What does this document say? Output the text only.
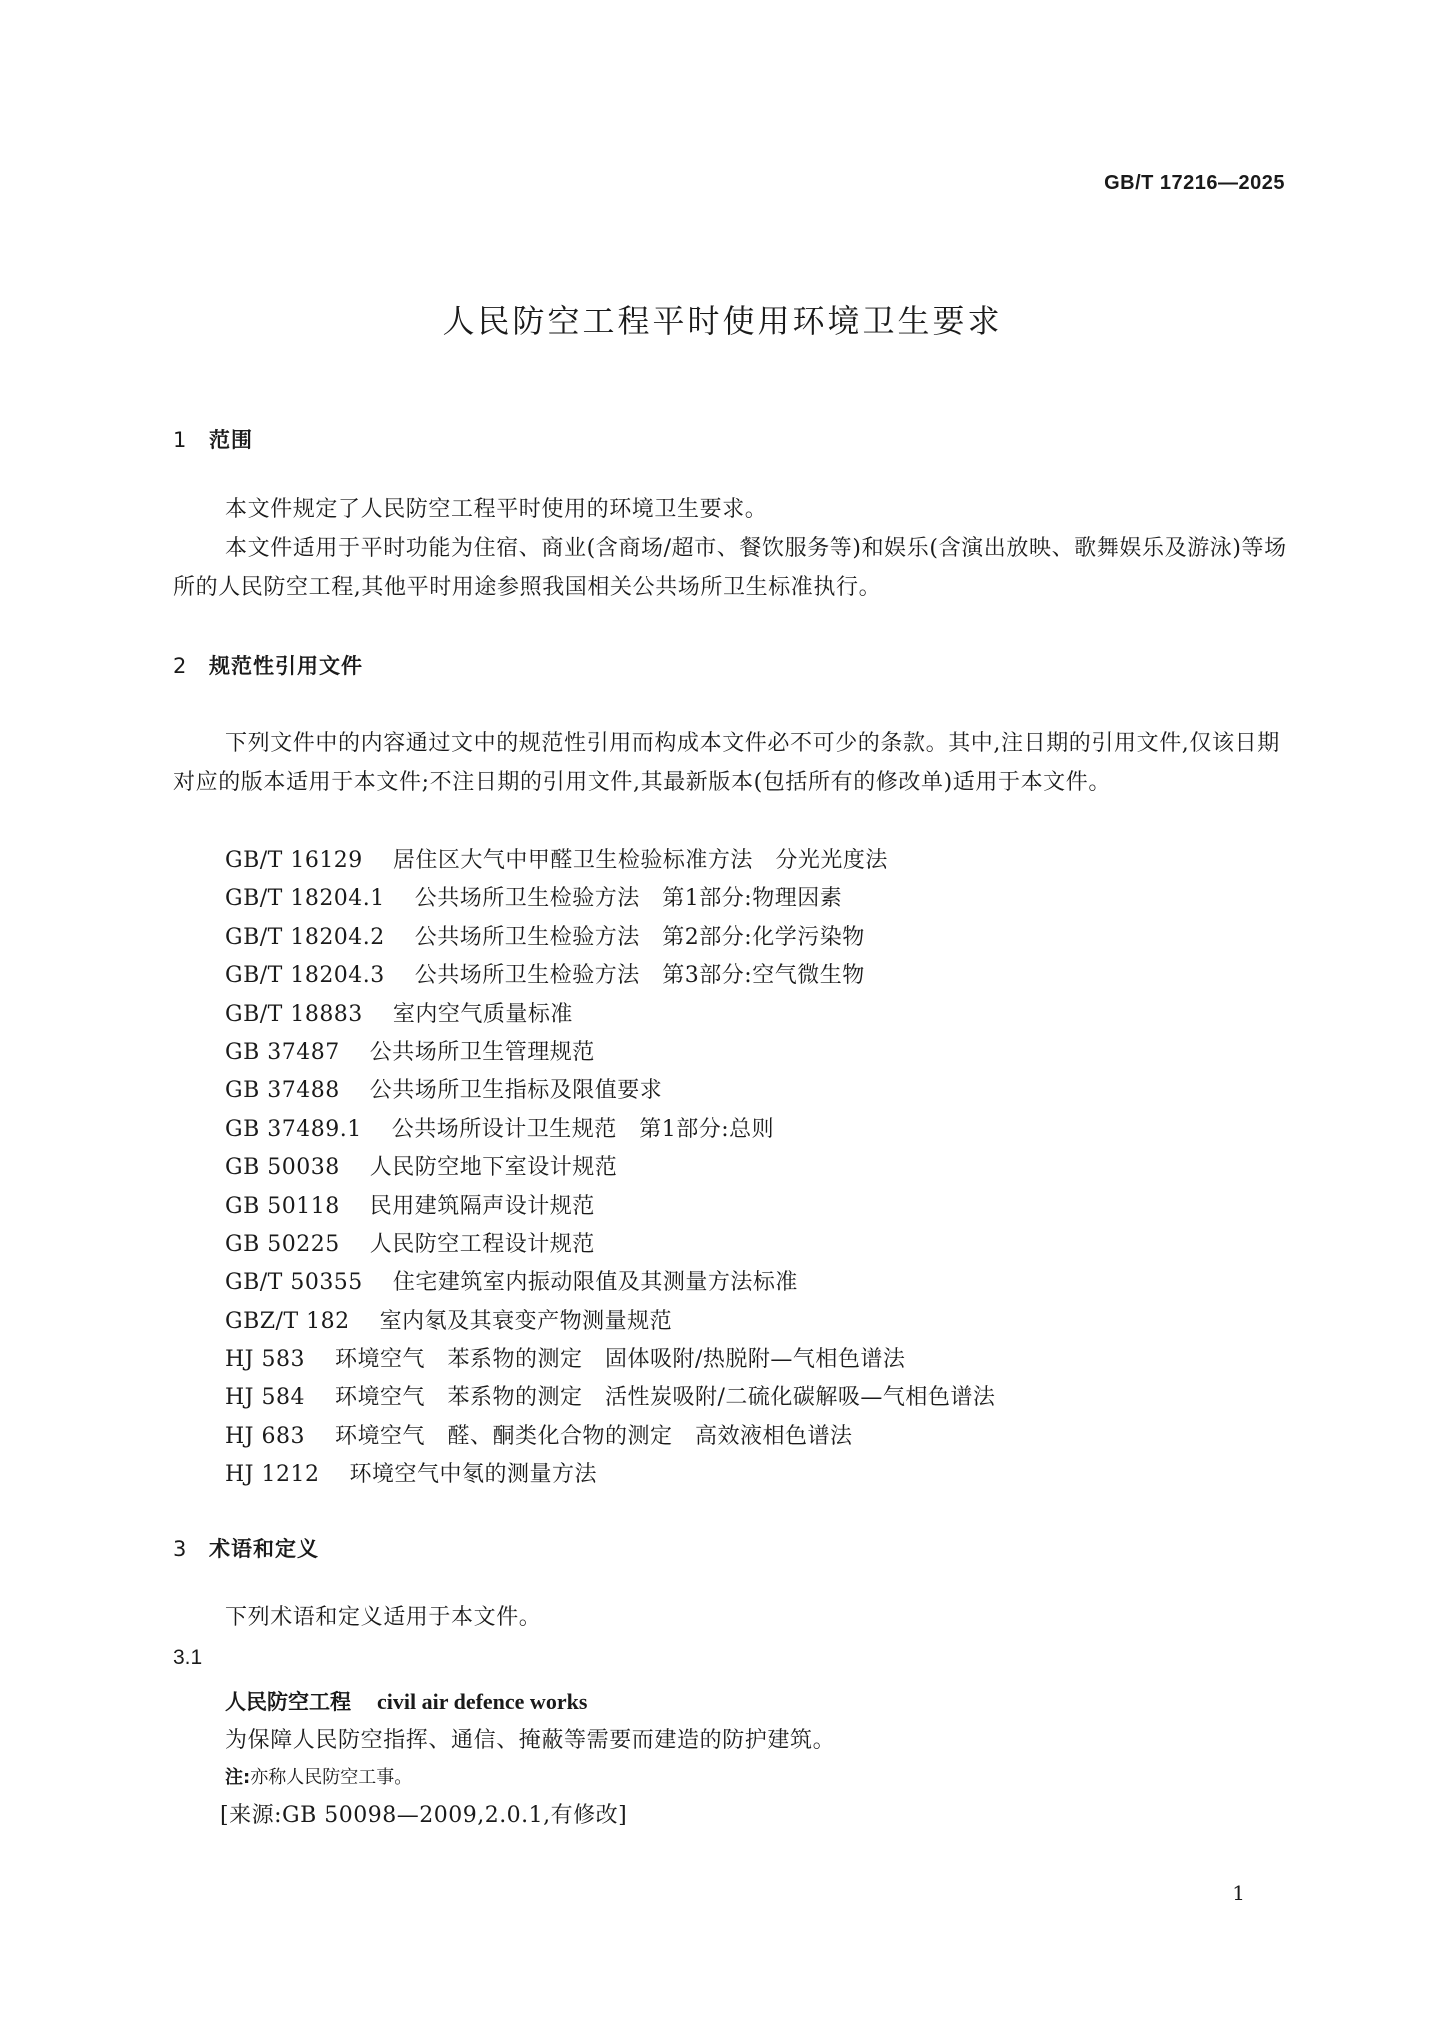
GB/T 17216—2025
人民防空工程平时使用环境卫生要求
1 范围
本文件规定了人民防空工程平时使用的环境卫生要求。
本文件适用于平时功能为住宿、商业(含商场/超市、餐饮服务等)和娱乐(含演出放映、歌舞娱乐及游泳)等场所的人民防空工程,其他平时用途参照我国相关公共场所卫生标准执行。
2 规范性引用文件
下列文件中的内容通过文中的规范性引用而构成本文件必不可少的条款。其中,注日期的引用文件,仅该日期对应的版本适用于本文件;不注日期的引用文件,其最新版本(包括所有的修改单)适用于本文件。
GB/T 16129 居住区大气中甲醛卫生检验标准方法　分光光度法
GB/T 18204.1 公共场所卫生检验方法　第1部分:物理因素
GB/T 18204.2 公共场所卫生检验方法　第2部分:化学污染物
GB/T 18204.3 公共场所卫生检验方法　第3部分:空气微生物
GB/T 18883 室内空气质量标准
GB 37487 公共场所卫生管理规范
GB 37488 公共场所卫生指标及限值要求
GB 37489.1 公共场所设计卫生规范　第1部分:总则
GB 50038 人民防空地下室设计规范
GB 50118 民用建筑隔声设计规范
GB 50225 人民防空工程设计规范
GB/T 50355 住宅建筑室内振动限值及其测量方法标准
GBZ/T 182 室内氡及其衰变产物测量规范
HJ 583 环境空气　苯系物的测定　固体吸附/热脱附—气相色谱法
HJ 584 环境空气　苯系物的测定　活性炭吸附/二硫化碳解吸—气相色谱法
HJ 683 环境空气　醛、酮类化合物的测定　高效液相色谱法
HJ 1212 环境空气中氡的测量方法
3 术语和定义
下列术语和定义适用于本文件。
3.1
人民防空工程 civil air defence works
为保障人民防空指挥、通信、掩蔽等需要而建造的防护建筑。
注:亦称人民防空工事。
[来源:GB 50098—2009,2.0.1,有修改]
1
